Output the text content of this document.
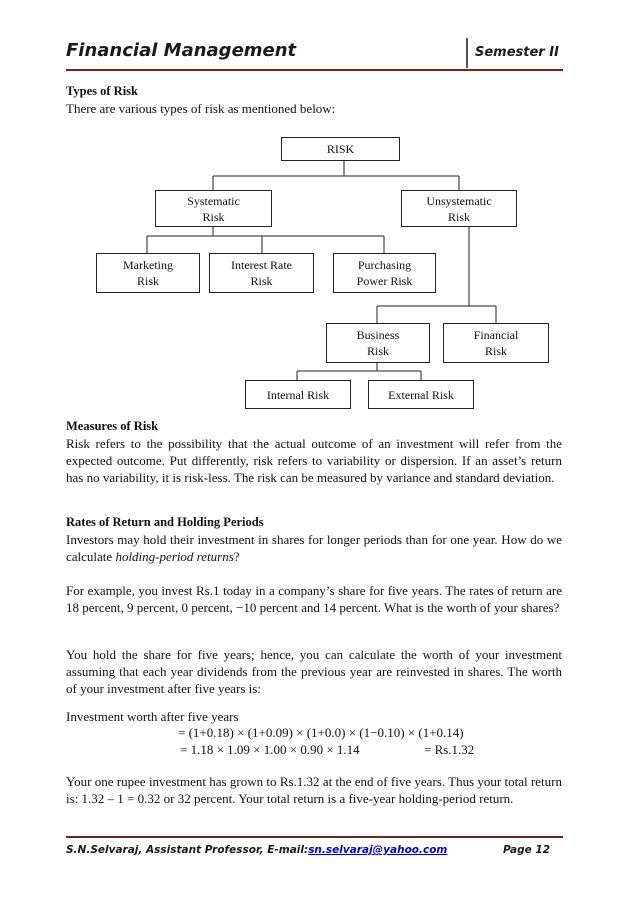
Financial Management	Semester II
Types of Risk
There are various types of risk as mentioned below:
RISK
Systematic
Risk
Unsystematic
Risk
Marketing
Risk
Interest Rate
Risk
Purchasing
Power Risk
Business
Risk
Financial
Risk
Internal Risk	External Risk
Measures of Risk

Risk refers to the possibility that the actual outcome of an investment will refer from the expected outcome. Put differently, risk refers to variability or dispersion. If an asset’s return has no variability, it is risk-less. The risk can be measured by variance and standard deviation.

Rates of Return and Holding Periods

Investors may hold their investment in shares for longer periods than for one year. How do we calculate holding-period returns?

For example, you invest Rs.1 today in a company’s share for five years. The rates of return are 18 percent, 9 percent, 0 percent, −10 percent and 14 percent. What is the worth of your shares?

You hold the share for five years; hence, you can calculate the worth of your investment assuming that each year dividends from the previous year are reinvested in shares. The worth of your investment after five years is:

Investment worth after five years
= (1+0.18) × (1+0.09) × (1+0.0) × (1−0.10) × (1+0.14)
= 1.18 × 1.09 × 1.00 × 0.90 × 1.14	= Rs.1.32

Your one rupee investment has grown to Rs.1.32 at the end of five years. Thus your total return is: 1.32 – 1 = 0.32 or 32 percent. Your total return is a five-year holding-period return.

S.N.Selvaraj, Assistant Professor, E-mail:sn.selvaraj@yahoo.com	Page 12
